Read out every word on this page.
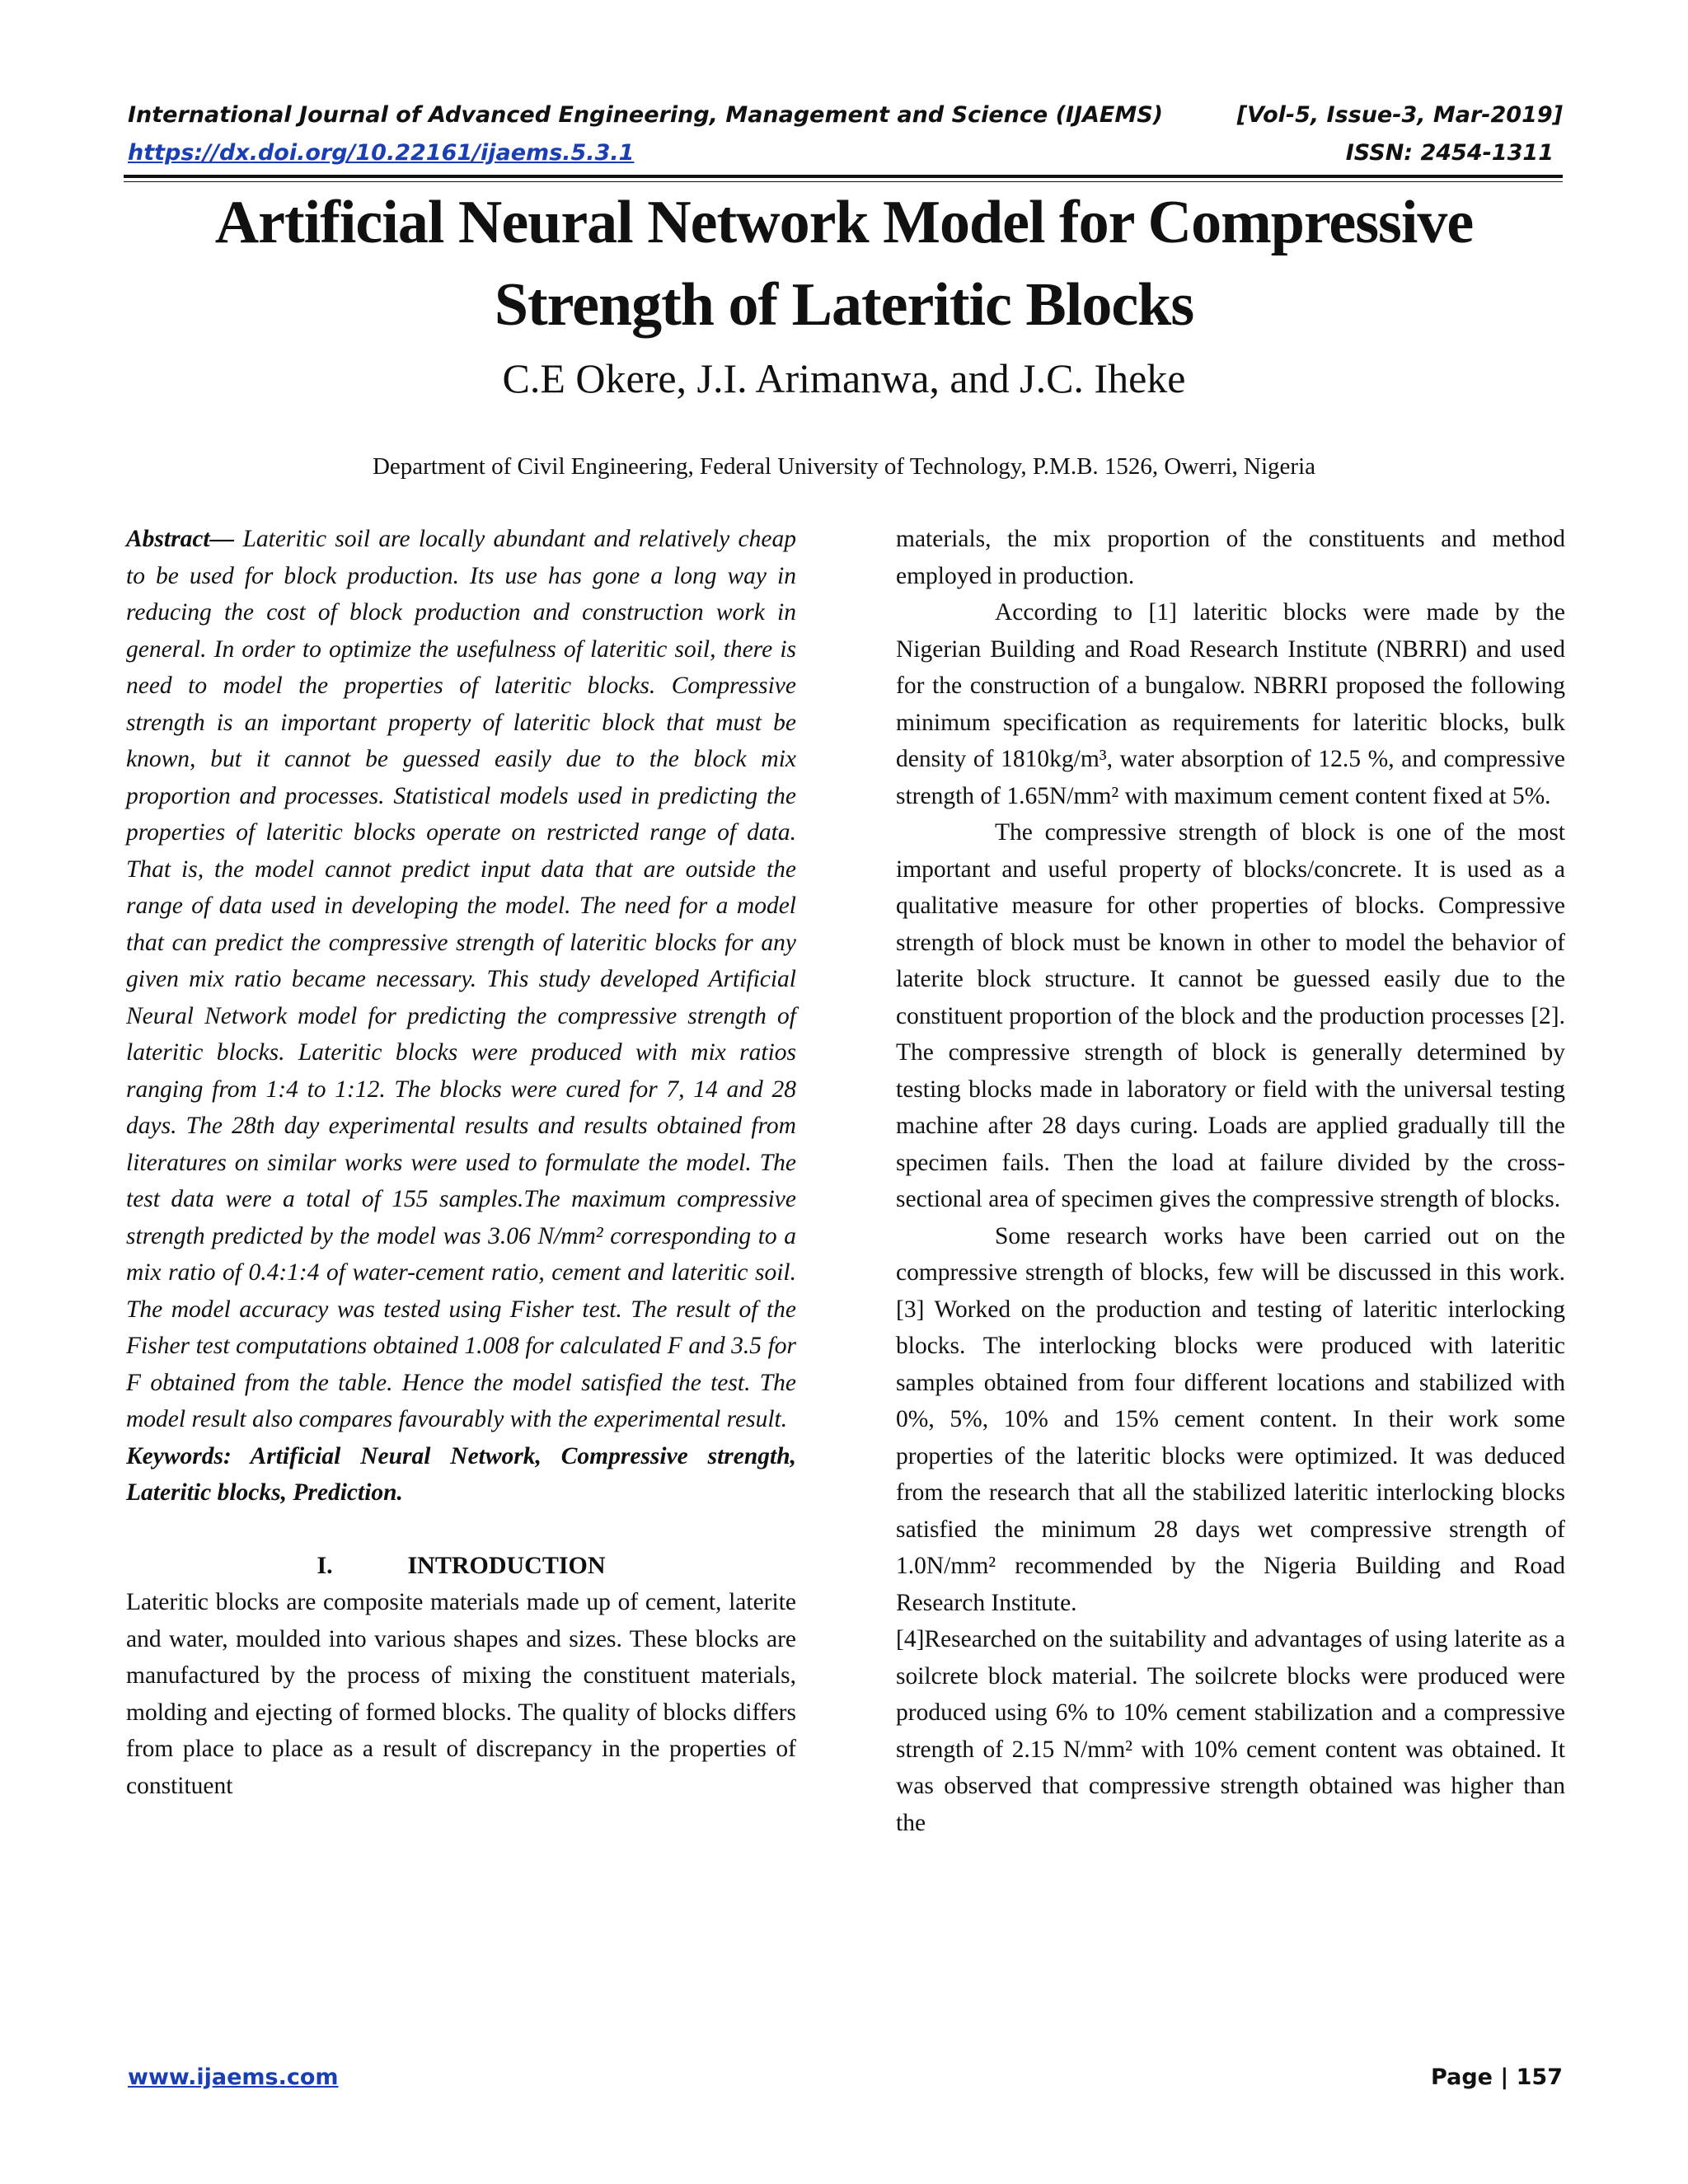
International Journal of Advanced Engineering, Management and Science (IJAEMS)	[Vol-5, Issue-3, Mar-2019]
https://dx.doi.org/10.22161/ijaems.5.3.1	ISSN: 2454-1311
Artificial Neural Network Model for Compressive
Strength of Lateritic Blocks
C.E Okere, J.I. Arimanwa, and J.C. Iheke
Department of Civil Engineering, Federal University of Technology, P.M.B. 1526, Owerri, Nigeria

Abstract— Lateritic soil are locally abundant and relatively cheap to be used for block production. Its use has gone a long way in reducing the cost of block production and construction work in general. In order to optimize the usefulness of lateritic soil, there is need to model the properties of lateritic blocks. Compressive strength is an important property of lateritic block that must be known, but it cannot be guessed easily due to the block mix proportion and processes. Statistical models used in predicting the properties of lateritic blocks operate on restricted range of data. That is, the model cannot predict input data that are outside the range of data used in developing the model. The need for a model that can predict the compressive strength of lateritic blocks for any given mix ratio became necessary. This study developed Artificial Neural Network model for predicting the compressive strength of lateritic blocks. Lateritic blocks were produced with mix ratios ranging from 1:4 to 1:12. The blocks were cured for 7, 14 and 28 days. The 28th day experimental results and results obtained from literatures on similar works were used to formulate the model. The test data were a total of 155 samples.The maximum compressive strength predicted by the model was 3.06 N/mm² corresponding to a mix ratio of 0.4:1:4 of water-cement ratio, cement and lateritic soil. The model accuracy was tested using Fisher test. The result of the Fisher test computations obtained 1.008 for calculated F and 3.5 for F obtained from the table. Hence the model satisfied the test. The model result also compares favourably with the experimental result.

Keywords: Artificial Neural Network, Compressive strength, Lateritic blocks, Prediction.

I.	INTRODUCTION

Lateritic blocks are composite materials made up of cement, laterite and water, moulded into various shapes and sizes. These blocks are manufactured by the process of mixing the constituent materials, molding and ejecting of formed blocks. The quality of blocks differs from place to place as a result of discrepancy in the properties of constituent

materials, the mix proportion of the constituents and method employed in production.

According to [1] lateritic blocks were made by the Nigerian Building and Road Research Institute (NBRRI) and used for the construction of a bungalow. NBRRI proposed the following minimum specification as requirements for lateritic blocks, bulk density of 1810kg/m³, water absorption of 12.5 %, and compressive strength of 1.65N/mm² with maximum cement content fixed at 5%.

The compressive strength of block is one of the most important and useful property of blocks/concrete. It is used as a qualitative measure for other properties of blocks. Compressive strength of block must be known in other to model the behavior of laterite block structure. It cannot be guessed easily due to the constituent proportion of the block and the production processes [2]. The compressive strength of block is generally determined by testing blocks made in laboratory or field with the universal testing machine after 28 days curing. Loads are applied gradually till the specimen fails. Then the load at failure divided by the cross-sectional area of specimen gives the compressive strength of blocks.

Some research works have been carried out on the compressive strength of blocks, few will be discussed in this work. [3] Worked on the production and testing of lateritic interlocking blocks. The interlocking blocks were produced with lateritic samples obtained from four different locations and stabilized with 0%, 5%, 10% and 15% cement content. In their work some properties of the lateritic blocks were optimized. It was deduced from the research that all the stabilized lateritic interlocking blocks satisfied the minimum 28 days wet compressive strength of 1.0N/mm² recommended by the Nigeria Building and Road Research Institute.

[4]Researched on the suitability and advantages of using laterite as a soilcrete block material. The soilcrete blocks were produced were produced using 6% to 10% cement stabilization and a compressive strength of 2.15 N/mm² with 10% cement content was obtained. It was observed that compressive strength obtained was higher than the

www.ijaems.com	Page | 157
